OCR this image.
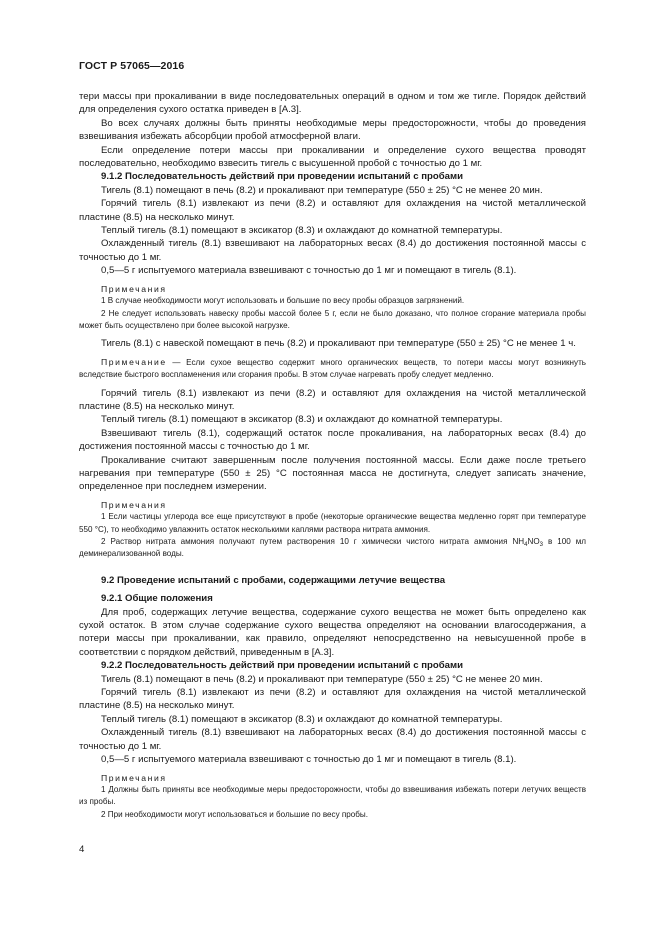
ГОСТ Р 57065—2016

тери массы при прокаливании в виде последовательных операций в одном и том же тигле. Порядок действий для определения сухого остатка приведен в [А.3].

Во всех случаях должны быть приняты необходимые меры предосторожности, чтобы до проведения взвешивания избежать абсорбции пробой атмосферной влаги.

Если определение потери массы при прокаливании и определение сухого вещества проводят последовательно, необходимо взвесить тигель с высушенной пробой с точностью до 1 мг.

9.1.2 Последовательность действий при проведении испытаний с пробами

Тигель (8.1) помещают в печь (8.2) и прокаливают при температуре (550 ± 25) °С не менее 20 мин.

Горячий тигель (8.1) извлекают из печи (8.2) и оставляют для охлаждения на чистой металлической пластине (8.5) на несколько минут.

Теплый тигель (8.1) помещают в эксикатор (8.3) и охлаждают до комнатной температуры.

Охлажденный тигель (8.1) взвешивают на лабораторных весах (8.4) до достижения постоянной массы с точностью до 1 мг.

0,5—5 г испытуемого материала взвешивают с точностью до 1 мг и помещают в тигель (8.1).

Примечания

1 В случае необходимости могут использовать и большие по весу пробы образцов загрязнений.

2 Не следует использовать навеску пробы массой более 5 г, если не было доказано, что полное сгорание материала пробы может быть осуществлено при более высокой нагрузке.

Тигель (8.1) с навеской помещают в печь (8.2) и прокаливают при температуре (550 ± 25) °С не менее 1 ч.

Примечание — Если сухое вещество содержит много органических веществ, то потери массы могут возникнуть вследствие быстрого воспламенения или сгорания пробы. В этом случае нагревать пробу следует медленно.

Горячий тигель (8.1) извлекают из печи (8.2) и оставляют для охлаждения на чистой металлической пластине (8.5) на несколько минут.

Теплый тигель (8.1) помещают в эксикатор (8.3) и охлаждают до комнатной температуры.

Взвешивают тигель (8.1), содержащий остаток после прокаливания, на лабораторных весах (8.4) до достижения постоянной массы с точностью до 1 мг.

Прокаливание считают завершенным после получения постоянной массы. Если даже после третьего нагревания при температуре (550 ± 25) °С постоянная масса не достигнута, следует записать значение, определенное при последнем измерении.

Примечания

1 Если частицы углерода все еще присутствуют в пробе (некоторые органические вещества медленно горят при температуре 550 °С), то необходимо увлажнить остаток несколькими каплями раствора нитрата аммония.

2 Раствор нитрата аммония получают путем растворения 10 г химически чистого нитрата аммония $NH_4NO_3$ в 100 мл деминерализованной воды.

9.2 Проведение испытаний с пробами, содержащими летучие вещества

9.2.1 Общие положения

Для проб, содержащих летучие вещества, содержание сухого вещества не может быть определено как сухой остаток. В этом случае содержание сухого вещества определяют на основании влагосодержания, а потери массы при прокаливании, как правило, определяют непосредственно на невысушенной пробе в соответствии с порядком действий, приведенным в [А.3].

9.2.2 Последовательность действий при проведении испытаний с пробами

Тигель (8.1) помещают в печь (8.2) и прокаливают при температуре (550 ± 25) °С не менее 20 мин.

Горячий тигель (8.1) извлекают из печи (8.2) и оставляют для охлаждения на чистой металлической пластине (8.5) на несколько минут.

Теплый тигель (8.1) помещают в эксикатор (8.3) и охлаждают до комнатной температуры.

Охлажденный тигель (8.1) взвешивают на лабораторных весах (8.4) до достижения постоянной массы с точностью до 1 мг.

0,5—5 г испытуемого материала взвешивают с точностью до 1 мг и помещают в тигель (8.1).

Примечания

1 Должны быть приняты все необходимые меры предосторожности, чтобы до взвешивания избежать потери летучих веществ из пробы.

2 При необходимости могут использоваться и большие по весу пробы.

4
